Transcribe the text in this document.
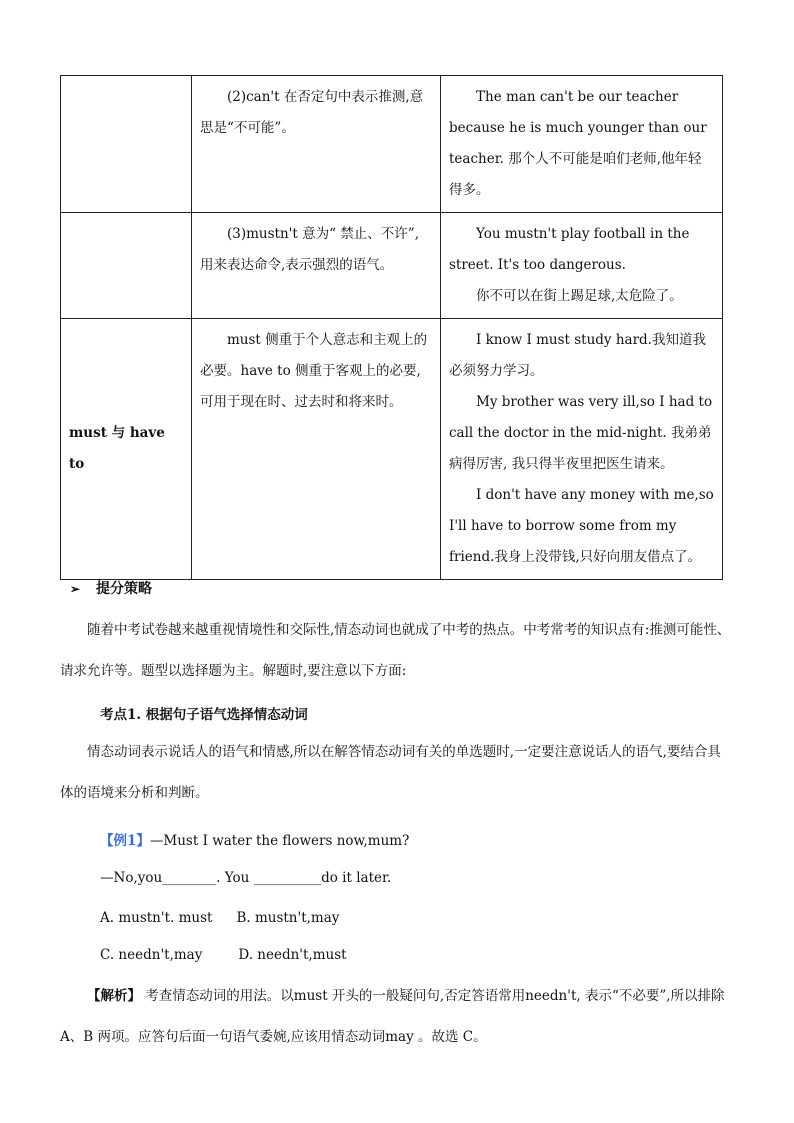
	(2)can't 在否定句中表示推测,意思是“不可能”。	The man can't be our teacher because he is much younger than our teacher. 那个人不可能是咱们老师,他年轻得多。

	(3)mustn't 意为“ 禁止、不许”, 用来表达命令,表示强烈的语气。	You mustn't play football in the street. It's too dangerous.

你不可以在街上踢足球,太危险了。

must 与 have to	must 侧重于个人意志和主观上的必要。have to 侧重于客观上的必要,可用于现在时、过去时和将来时。	I know I must study hard.我知道我必须努力学习。

My brother was very ill,so I had to call the doctor in the mid-night. 我弟弟病得厉害, 我只得半夜里把医生请来。

I don't have any money with me,so I'll have to borrow some from my friend.我身上没带钱,只好向朋友借点了。

➢ 提分策略

随着中考试卷越来越重视情境性和交际性,情态动词也就成了中考的热点。中考常考的知识点有:推测可能性、请求允许等。题型以选择题为主。解题时,要注意以下方面:

考点1. 根据句子语气选择情态动词

情态动词表示说话人的语气和情感,所以在解答情态动词有关的单选题时,一定要注意说话人的语气,要结合具体的语境来分析和判断。

【例1】—Must I water the flowers now,mum?

—No,you________. You __________do it later.

A. mustn't. must B. mustn't,may

C. needn't,may	D. needn't,must

【解析】 考查情态动词的用法。以must 开头的一般疑问句,否定答语常用needn't, 表示“不必要”,所以排除 A、B 两项。应答句后面一句语气委婉,应该用情态动词may 。故选 C。
